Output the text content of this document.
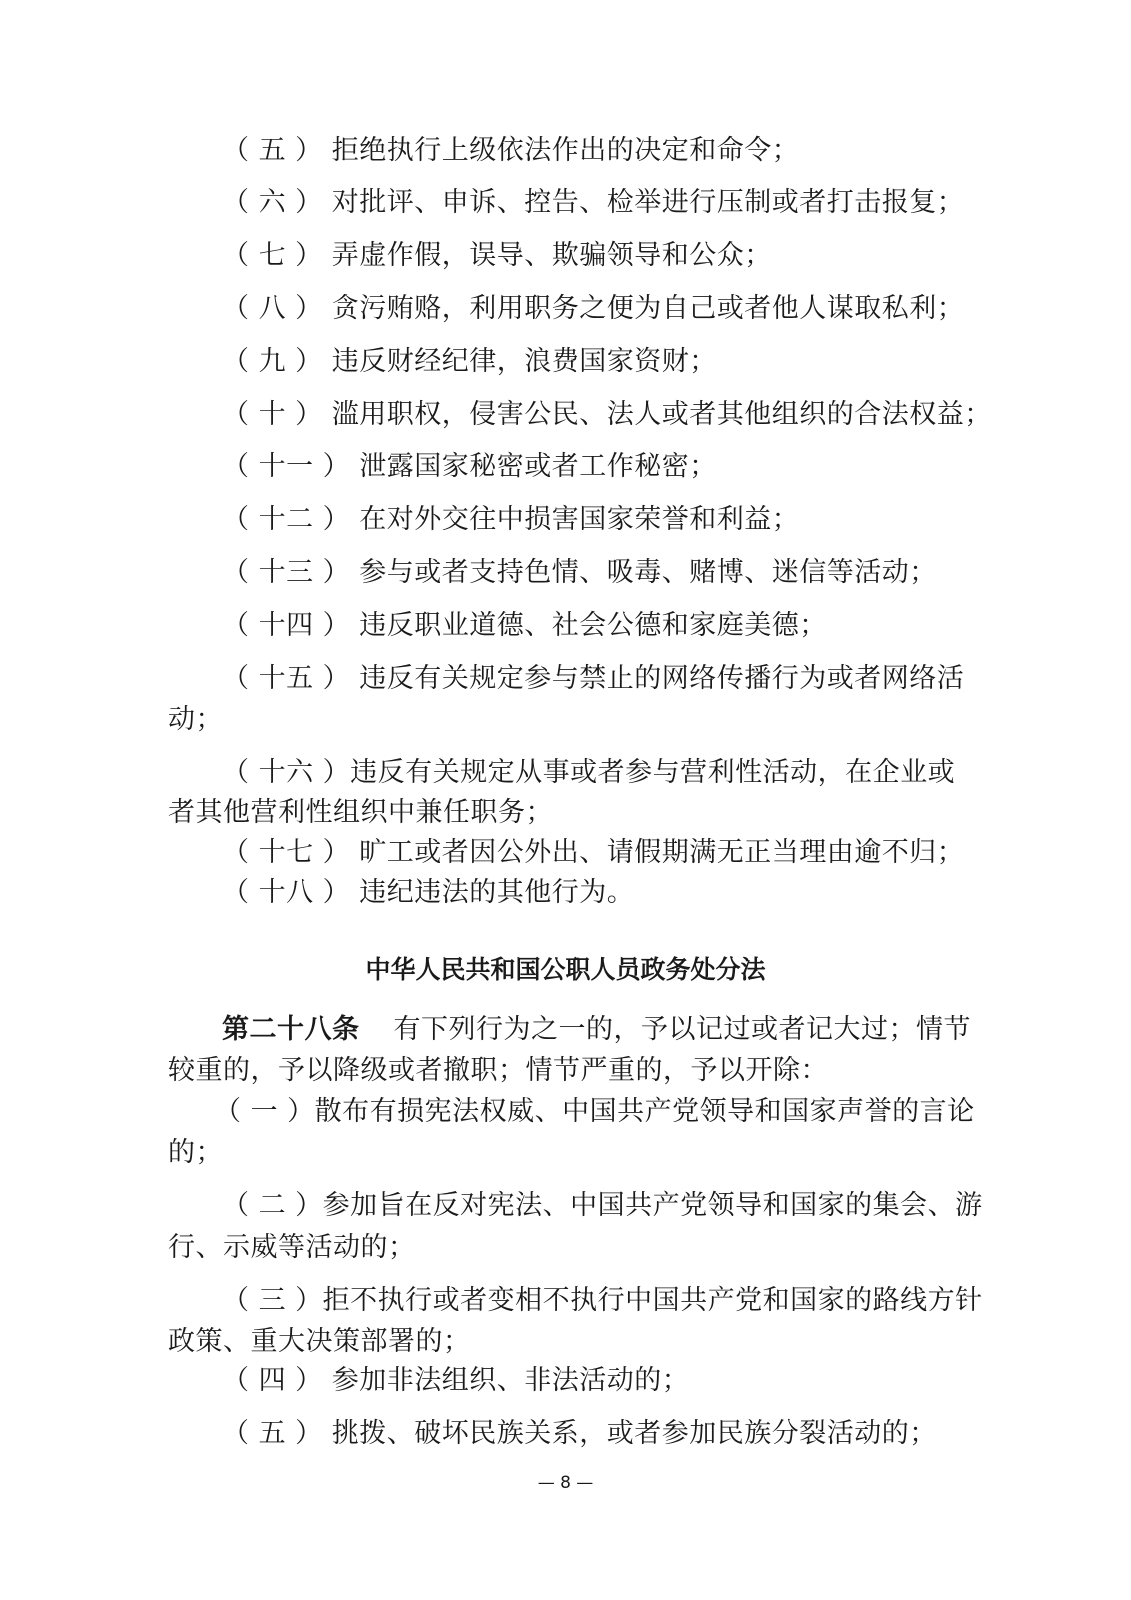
（ 五 ） 拒绝执行上级依法作出的决定和命令；
（ 六 ） 对批评、申诉、控告、检举进行压制或者打击报复；
（ 七 ） 弄虚作假，误导、欺骗领导和公众；
（ 八 ） 贪污贿赂，利用职务之便为自己或者他人谋取私利；
（ 九 ） 违反财经纪律，浪费国家资财；
（ 十 ） 滥用职权，侵害公民、法人或者其他组织的合法权益；
（ 十一 ） 泄露国家秘密或者工作秘密；
（ 十二 ） 在对外交往中损害国家荣誉和利益；
（ 十三 ） 参与或者支持色情、吸毒、赌博、迷信等活动；
（ 十四 ） 违反职业道德、社会公德和家庭美德；
（ 十五 ） 违反有关规定参与禁止的网络传播行为或者网络活
动；
（ 十六 ）违反有关规定从事或者参与营利性活动，在企业或
者其他营利性组织中兼任职务；
（ 十七 ） 旷工或者因公外出、请假期满无正当理由逾不归；
（ 十八 ） 违纪违法的其他行为。
中华人民共和国公职人员政务处分法
第二十八条 有下列行为之一的，予以记过或者记大过；情节
较重的，予以降级或者撤职；情节严重的，予以开除：
（ 一 ）散布有损宪法权威、中国共产党领导和国家声誉的言论
的；
（ 二 ）参加旨在反对宪法、中国共产党领导和国家的集会、游
行、示威等活动的；
（ 三 ）拒不执行或者变相不执行中国共产党和国家的路线方针
政策、重大决策部署的；
（ 四 ） 参加非法组织、非法活动的；
（ 五 ） 挑拨、破坏民族关系，或者参加民族分裂活动的；
— 8 —
